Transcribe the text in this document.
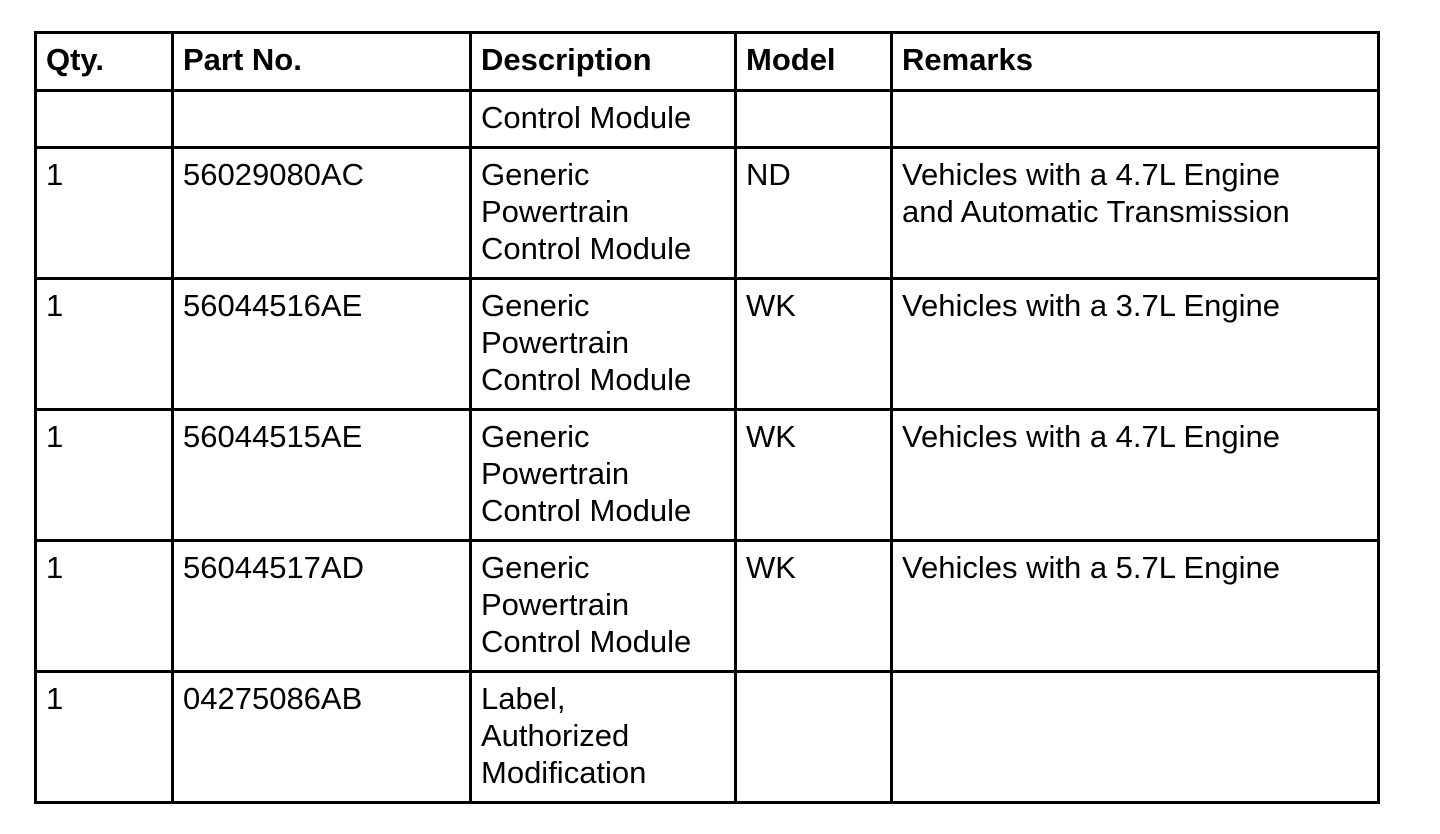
Qty.	Part No.	Description	Model	Remarks
		Control Module		
1	56029080AC	Generic
Powertrain
Control Module	ND	Vehicles with a 4.7L Engine
and Automatic Transmission
1	56044516AE	Generic
Powertrain
Control Module	WK	Vehicles with a 3.7L Engine
1	56044515AE	Generic
Powertrain
Control Module	WK	Vehicles with a 4.7L Engine
1	56044517AD	Generic
Powertrain
Control Module	WK	Vehicles with a 5.7L Engine
1	04275086AB	Label,
Authorized
Modification		
